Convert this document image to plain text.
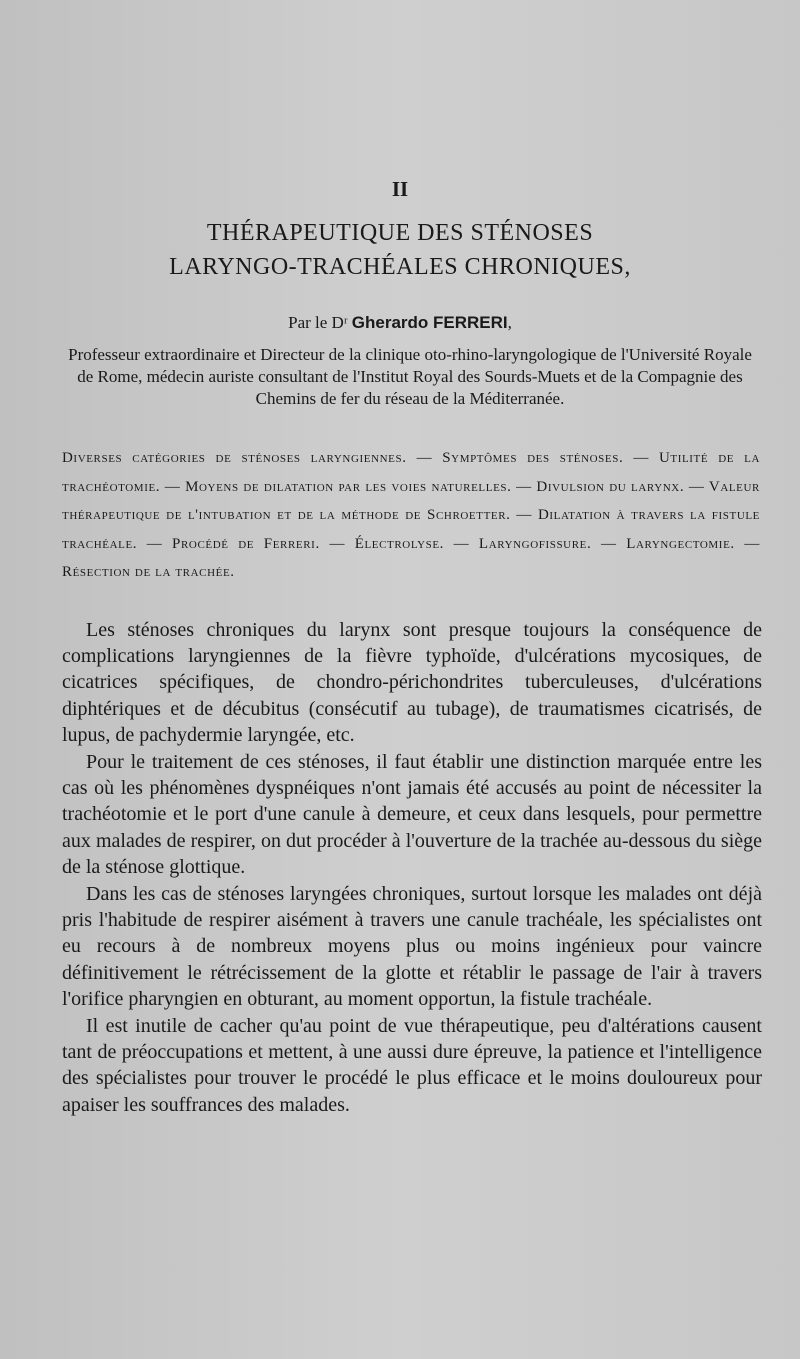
II
THÉRAPEUTIQUE DES STÉNOSES
LARYNGO-TRACHÉALES CHRONIQUES,
Par le Dʳ Gherardo FERRERI,
Professeur extraordinaire et Directeur de la clinique oto-rhino-laryngologique de l'Université Royale de Rome, médecin auriste consultant de l'Institut Royal des Sourds-Muets et de la Compagnie des Chemins de fer du réseau de la Méditerranée.
Diverses catégories de sténoses laryngiennes. — Symptômes des sténoses. — Utilité de la trachéotomie. — Moyens de dilatation par les voies naturelles. — Divulsion du larynx. — Valeur thérapeutique de l'intubation et de la méthode de Schroetter. — Dilatation à travers la fistule trachéale. — Procédé de Ferreri. — Électrolyse. — Laryngofissure. — Laryngectomie. — Résection de la trachée.

Les sténoses chroniques du larynx sont presque toujours la conséquence de complications laryngiennes de la fièvre typhoïde, d'ulcérations mycosiques, de cicatrices spécifiques, de chondro-périchondrites tuberculeuses, d'ulcérations diphtériques et de décubitus (consécutif au tubage), de traumatismes cicatrisés, de lupus, de pachydermie laryngée, etc.

Pour le traitement de ces sténoses, il faut établir une distinction marquée entre les cas où les phénomènes dyspnéiques n'ont jamais été accusés au point de nécessiter la trachéotomie et le port d'une canule à demeure, et ceux dans lesquels, pour permettre aux malades de respirer, on dut procéder à l'ouverture de la trachée au-dessous du siège de la sténose glottique.

Dans les cas de sténoses laryngées chroniques, surtout lorsque les malades ont déjà pris l'habitude de respirer aisément à travers une canule trachéale, les spécialistes ont eu recours à de nombreux moyens plus ou moins ingénieux pour vaincre définitivement le rétrécissement de la glotte et rétablir le passage de l'air à travers l'orifice pharyngien en obturant, au moment opportun, la fistule trachéale.

Il est inutile de cacher qu'au point de vue thérapeutique, peu d'altérations causent tant de préoccupations et mettent, à une aussi dure épreuve, la patience et l'intelligence des spécialistes pour trouver le procédé le plus efficace et le moins douloureux pour apaiser les souffrances des malades.
